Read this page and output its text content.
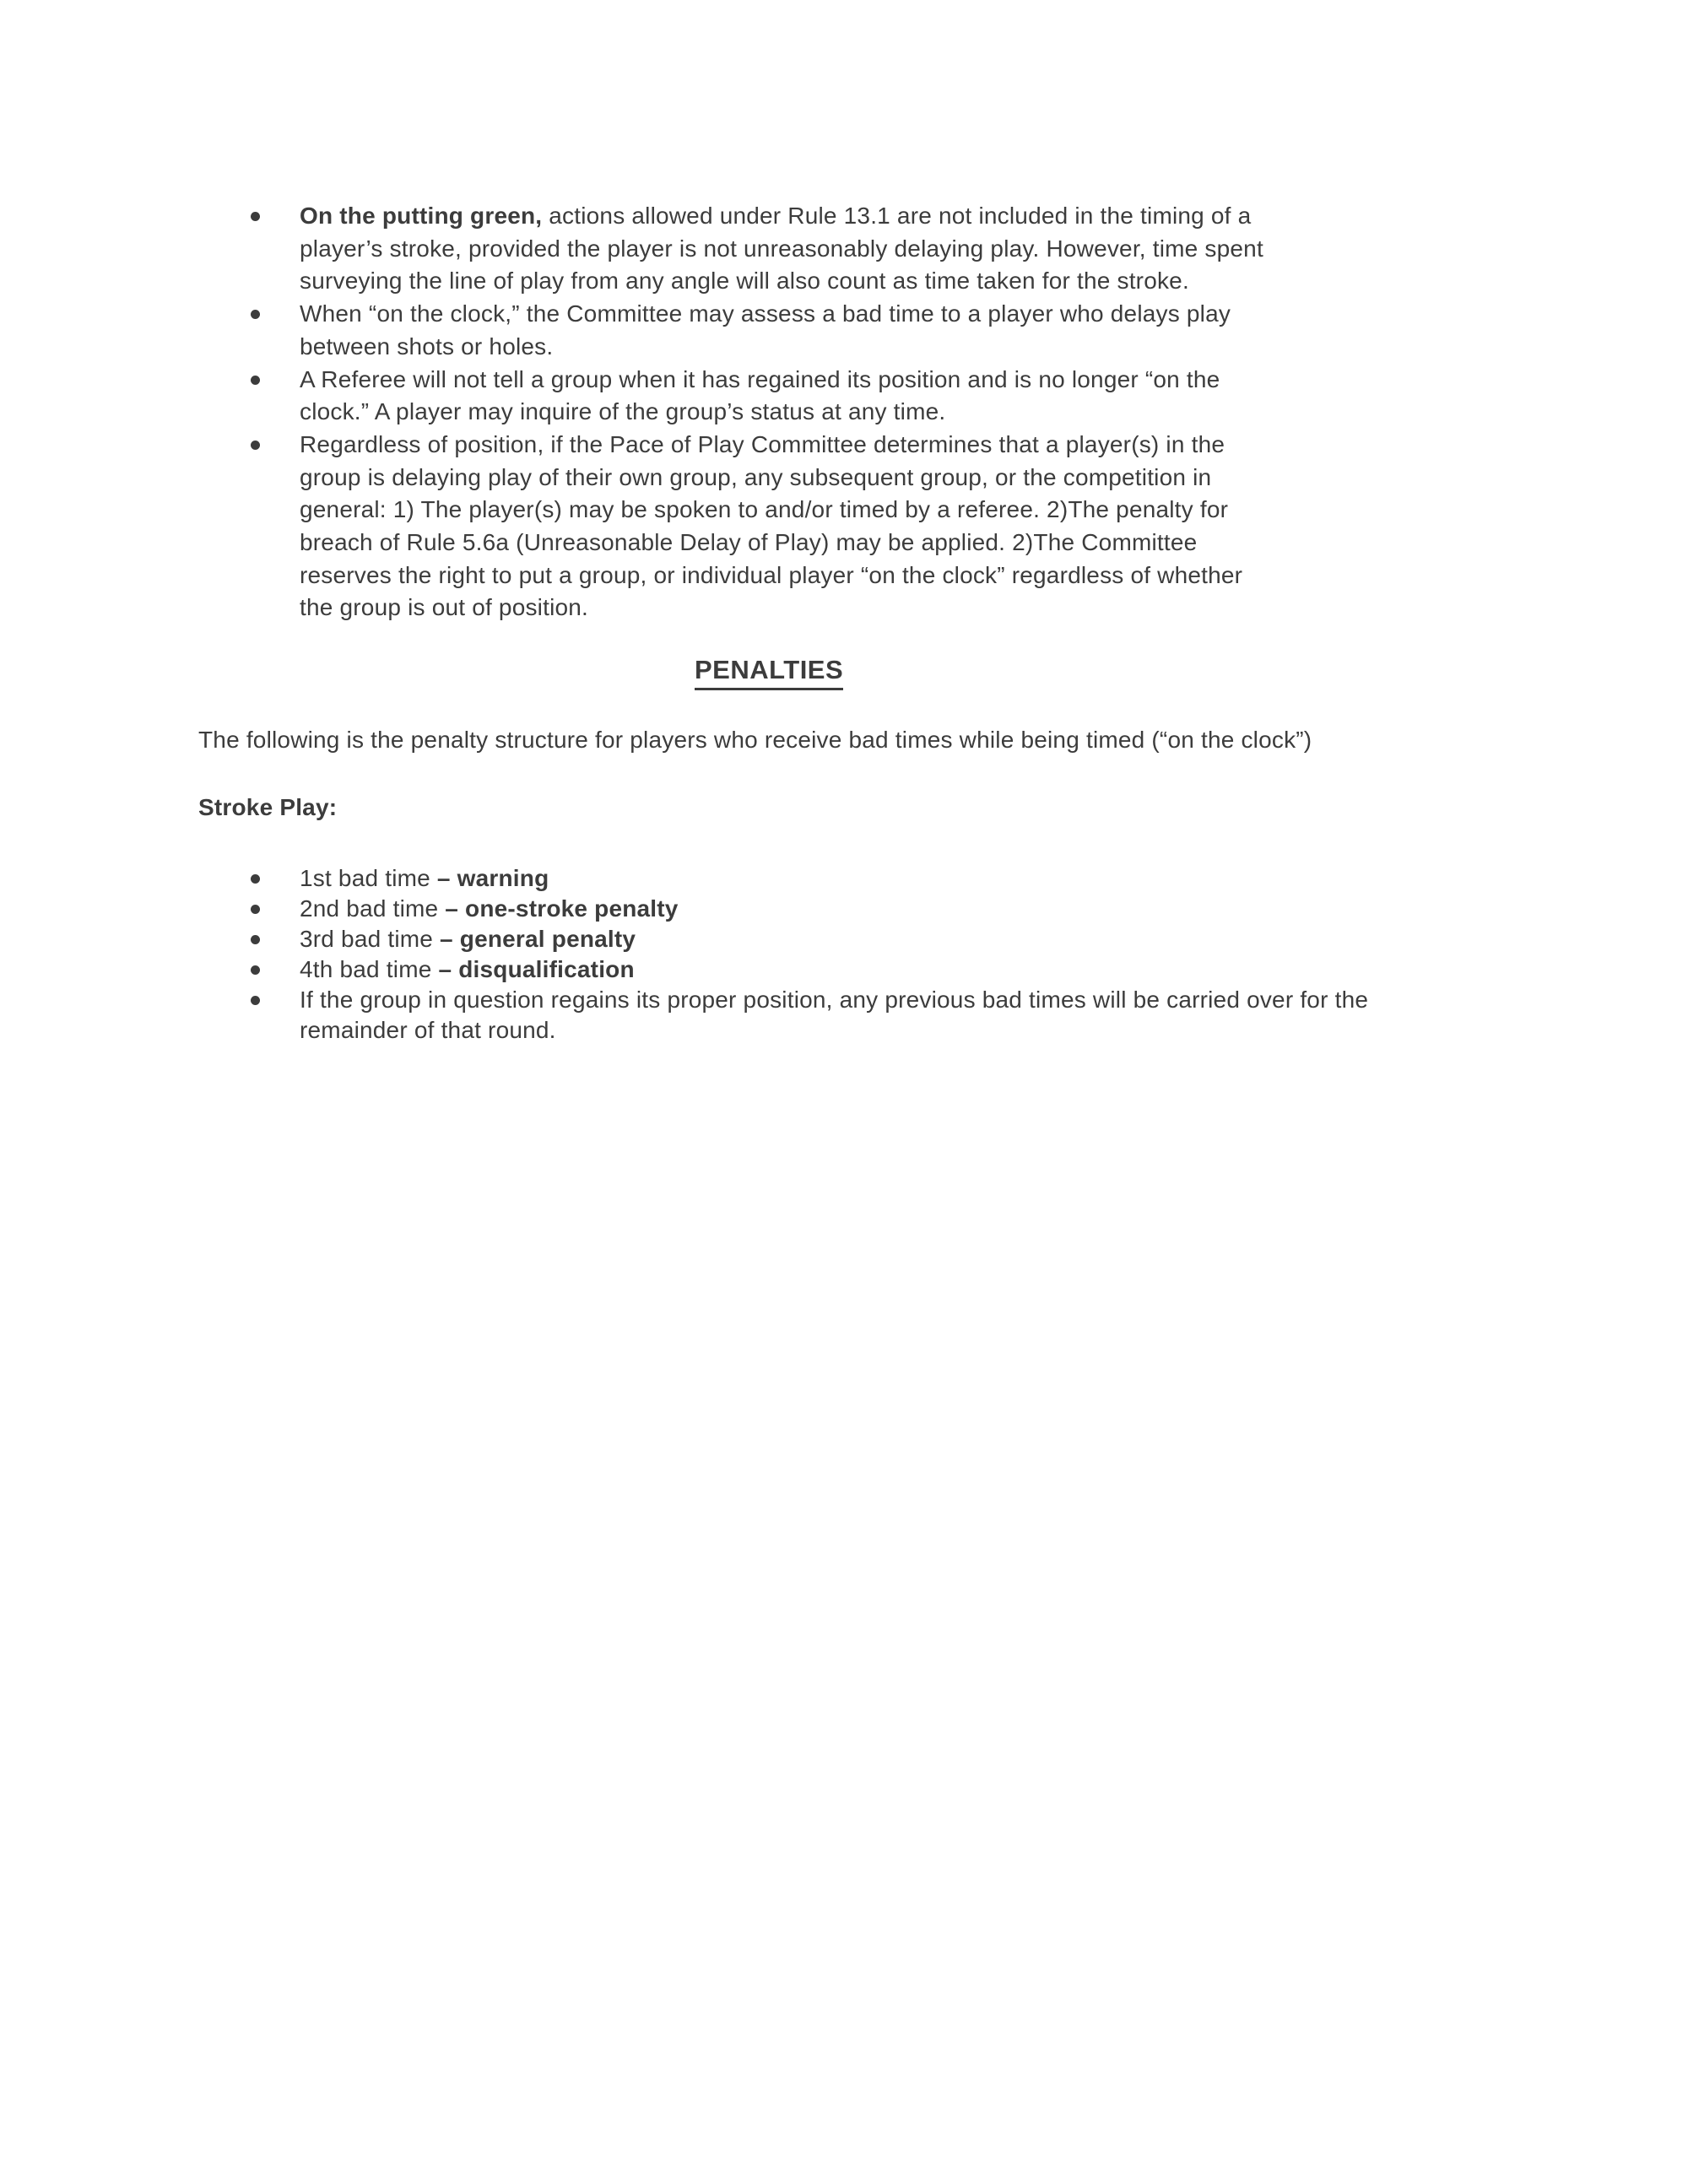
On the putting green, actions allowed under Rule 13.1 are not included in the timing of a
player’s stroke, provided the player is not unreasonably delaying play. However, time spent
surveying the line of play from any angle will also count as time taken for the stroke.
When “on the clock,” the Committee may assess a bad time to a player who delays play
between shots or holes.
A Referee will not tell a group when it has regained its position and is no longer “on the
clock.” A player may inquire of the group’s status at any time.
Regardless of position, if the Pace of Play Committee determines that a player(s) in the
group is delaying play of their own group, any subsequent group, or the competition in
general: 1) The player(s) may be spoken to and/or timed by a referee. 2)The penalty for
breach of Rule 5.6a (Unreasonable Delay of Play) may be applied. 2)The Committee
reserves the right to put a group, or individual player “on the clock” regardless of whether
the group is out of position.
PENALTIES
The following is the penalty structure for players who receive bad times while being timed (“on the clock”)
Stroke Play:
1st bad time – warning
2nd bad time – one-stroke penalty
3rd bad time – general penalty
4th bad time – disqualification
If the group in question regains its proper position, any previous bad times will be carried over for the
remainder of that round.
